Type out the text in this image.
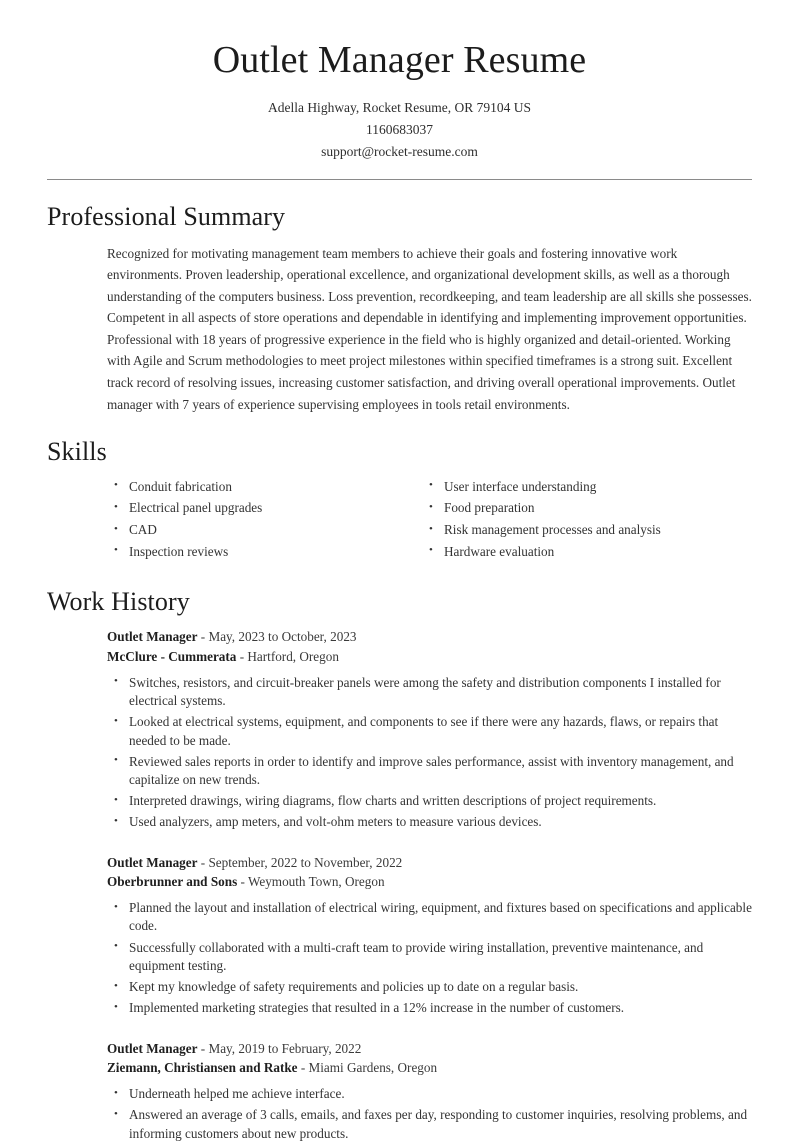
Outlet Manager Resume
Adella Highway, Rocket Resume, OR 79104 US
1160683037
support@rocket-resume.com
Professional Summary

Recognized for motivating management team members to achieve their goals and fostering innovative work environments. Proven leadership, operational excellence, and organizational development skills, as well as a thorough understanding of the computers business. Loss prevention, recordkeeping, and team leadership are all skills she possesses. Competent in all aspects of store operations and dependable in identifying and implementing improvement opportunities. Professional with 18 years of progressive experience in the field who is highly organized and detail-oriented. Working with Agile and Scrum methodologies to meet project milestones within specified timeframes is a strong suit. Excellent track record of resolving issues, increasing customer satisfaction, and driving overall operational improvements. Outlet manager with 7 years of experience supervising employees in tools retail environments.

Skills
• Conduit fabrication
• Electrical panel upgrades
• CAD
• Inspection reviews
• User interface understanding
• Food preparation
• Risk management processes and analysis
• Hardware evaluation
Work History
Outlet Manager - May, 2023 to October, 2023
McClure - Cummerata - Hartford, Oregon
• Switches, resistors, and circuit-breaker panels were among the safety and distribution components I installed for electrical systems.
• Looked at electrical systems, equipment, and components to see if there were any hazards, flaws, or repairs that needed to be made.
• Reviewed sales reports in order to identify and improve sales performance, assist with inventory management, and capitalize on new trends.
• Interpreted drawings, wiring diagrams, flow charts and written descriptions of project requirements.
• Used analyzers, amp meters, and volt-ohm meters to measure various devices.
Outlet Manager - September, 2022 to November, 2022
Oberbrunner and Sons - Weymouth Town, Oregon
• Planned the layout and installation of electrical wiring, equipment, and fixtures based on specifications and applicable code.
• Successfully collaborated with a multi-craft team to provide wiring installation, preventive maintenance, and equipment testing.
• Kept my knowledge of safety requirements and policies up to date on a regular basis.
• Implemented marketing strategies that resulted in a 12% increase in the number of customers.
Outlet Manager - May, 2019 to February, 2022
Ziemann, Christiansen and Ratke - Miami Gardens, Oregon
• Underneath helped me achieve interface.
• Answered an average of 3 calls, emails, and faxes per day, responding to customer inquiries, resolving problems, and informing customers about new products.
